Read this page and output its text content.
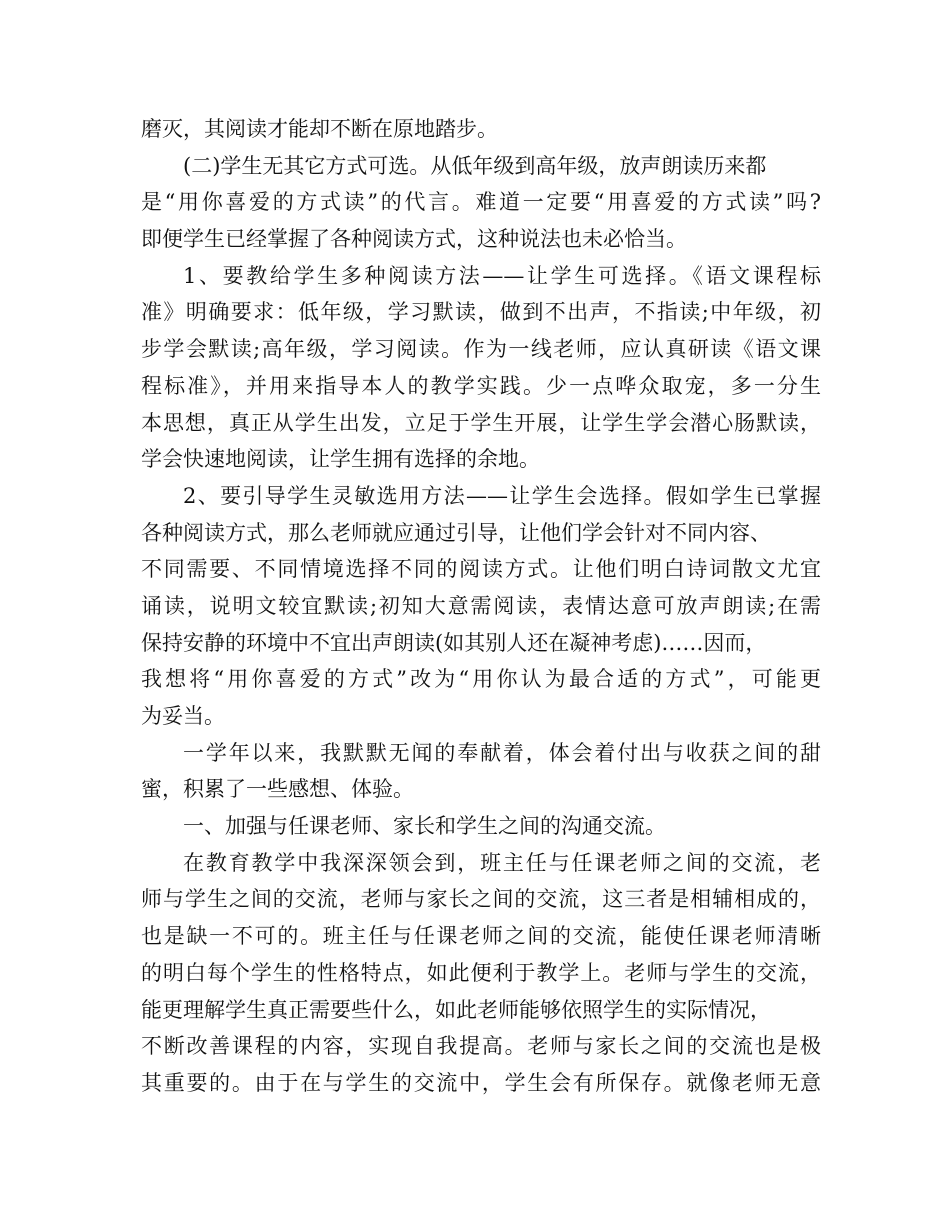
磨灭，其阅读才能却不断在原地踏步。
(二)学生无其它方式可选。从低年级到高年级，放声朗读历来都
是“用你喜爱的方式读”的代言。难道一定要“用喜爱的方式读”吗?
即便学生已经掌握了各种阅读方式，这种说法也未必恰当。
1、要教给学生多种阅读方法——让学生可选择。《语文课程标
准》明确要求：低年级，学习默读，做到不出声，不指读;中年级，初
步学会默读;高年级，学习阅读。作为一线老师，应认真研读《语文课
程标准》，并用来指导本人的教学实践。少一点哗众取宠，多一分生
本思想，真正从学生出发，立足于学生开展，让学生学会潜心肠默读，
学会快速地阅读，让学生拥有选择的余地。
2、要引导学生灵敏选用方法——让学生会选择。假如学生已掌握
各种阅读方式，那么老师就应通过引导，让他们学会针对不同内容、
不同需要、不同情境选择不同的阅读方式。让他们明白诗词散文尤宜
诵读，说明文较宜默读;初知大意需阅读，表情达意可放声朗读;在需
保持安静的环境中不宜出声朗读(如其别人还在凝神考虑)……因而，
我想将“用你喜爱的方式”改为“用你认为最合适的方式”，可能更
为妥当。
一学年以来，我默默无闻的奉献着，体会着付出与收获之间的甜
蜜，积累了一些感想、体验。
一、加强与任课老师、家长和学生之间的沟通交流。
在教育教学中我深深领会到，班主任与任课老师之间的交流，老
师与学生之间的交流，老师与家长之间的交流，这三者是相辅相成的，
也是缺一不可的。班主任与任课老师之间的交流，能使任课老师清晰
的明白每个学生的性格特点，如此便利于教学上。老师与学生的交流，
能更理解学生真正需要些什么，如此老师能够依照学生的实际情况，
不断改善课程的内容，实现自我提高。老师与家长之间的交流也是极
其重要的。由于在与学生的交流中，学生会有所保存。就像老师无意
